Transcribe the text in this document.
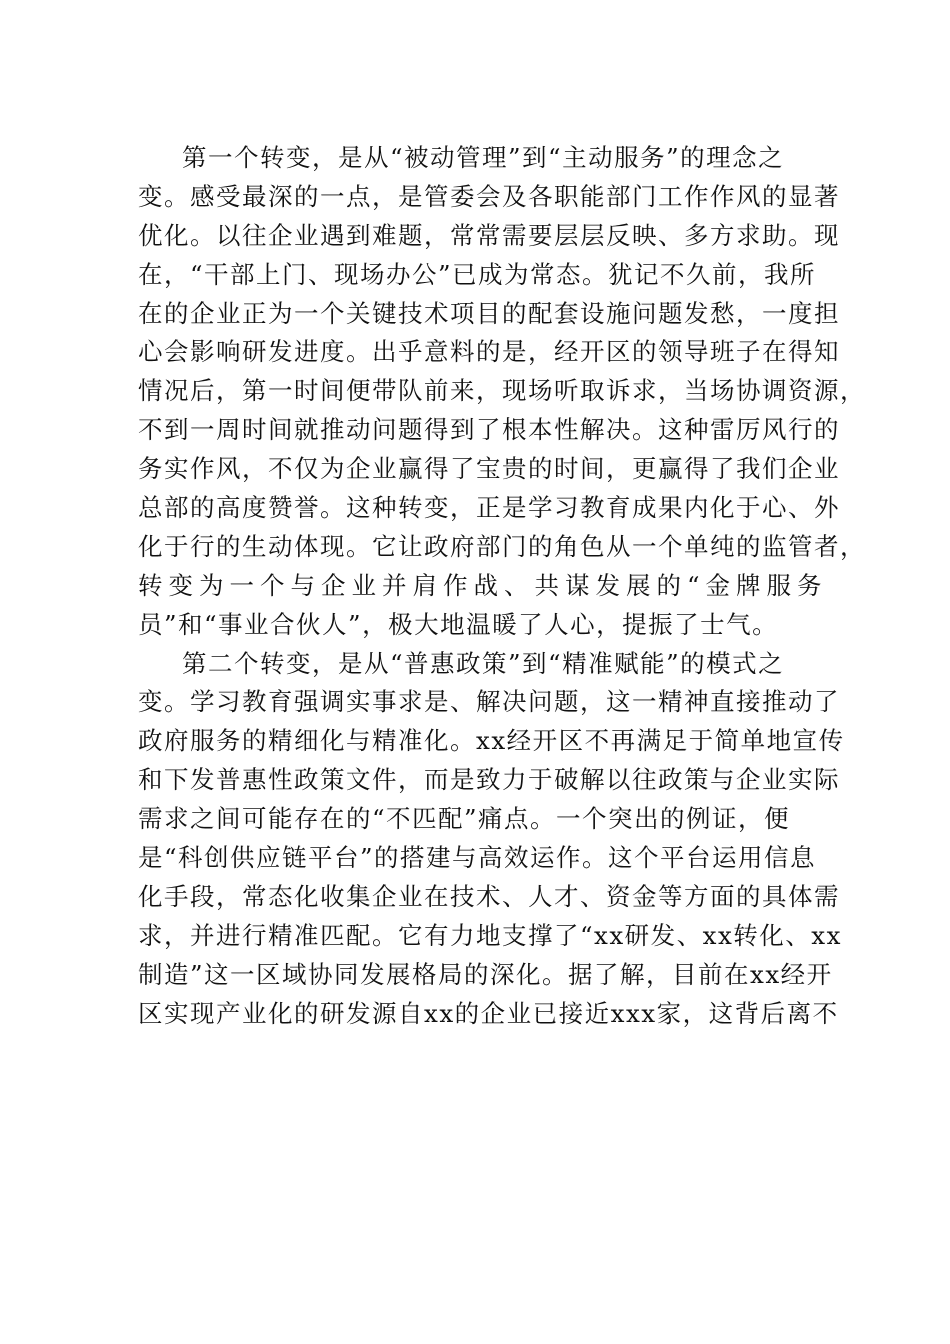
第一个转变，是从“被动管理”到“主动服务”的理念之
变。感受最深的一点，是管委会及各职能部门工作作风的显著
优化。以往企业遇到难题，常常需要层层反映、多方求助。现
在，“干部上门、现场办公”已成为常态。犹记不久前，我所
在的企业正为一个关键技术项目的配套设施问题发愁，一度担
心会影响研发进度。出乎意料的是，经开区的领导班子在得知
情况后，第一时间便带队前来，现场听取诉求，当场协调资源，
不到一周时间就推动问题得到了根本性解决。这种雷厉风行的
务实作风，不仅为企业赢得了宝贵的时间，更赢得了我们企业
总部的高度赞誉。这种转变，正是学习教育成果内化于心、外
化于行的生动体现。它让政府部门的角色从一个单纯的监管者，
转变为一个与企业并肩作战、共谋发展的“金牌服务
员”和“事业合伙人”，极大地温暖了人心，提振了士气。
第二个转变，是从“普惠政策”到“精准赋能”的模式之
变。学习教育强调实事求是、解决问题，这一精神直接推动了
政府服务的精细化与精准化。xx经开区不再满足于简单地宣传
和下发普惠性政策文件，而是致力于破解以往政策与企业实际
需求之间可能存在的“不匹配”痛点。一个突出的例证，便
是“科创供应链平台”的搭建与高效运作。这个平台运用信息
化手段，常态化收集企业在技术、人才、资金等方面的具体需
求，并进行精准匹配。它有力地支撑了“xx研发、xx转化、xx
制造”这一区域协同发展格局的深化。据了解，目前在xx经开
区实现产业化的研发源自xx的企业已接近xxx家，这背后离不
